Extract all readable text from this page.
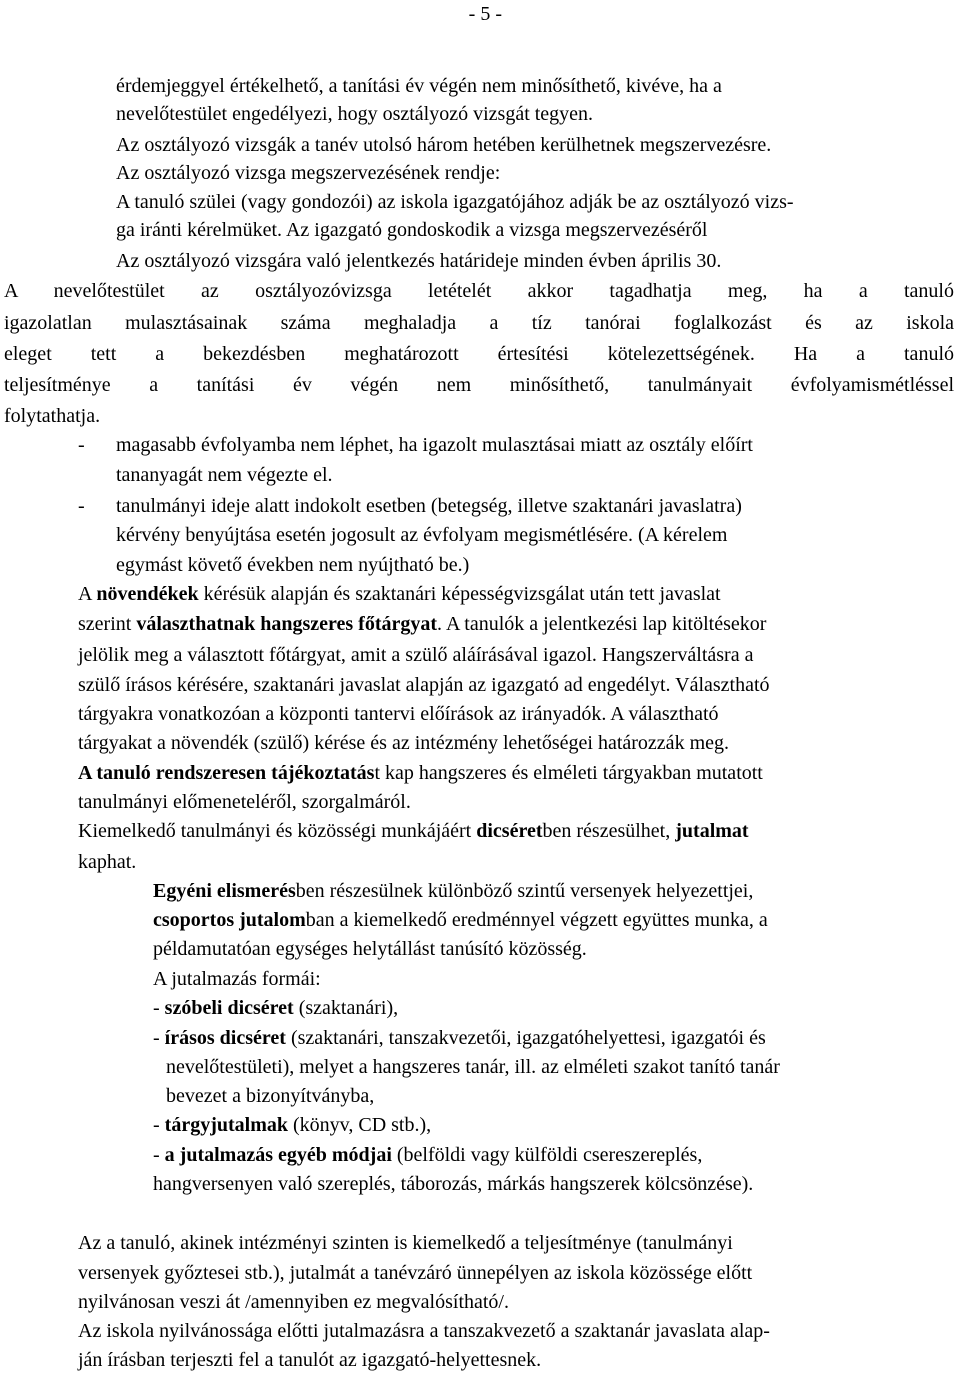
- 5 -
érdemjeggyel értékelhető, a tanítási év végén nem minősíthető, kivéve, ha a
nevelőtestület engedélyezi, hogy osztályozó vizsgát tegyen.
Az osztályozó vizsgák a tanév utolsó három hetében kerülhetnek megszervezésre.
Az osztályozó vizsga megszervezésének rendje:
A tanuló szülei (vagy gondozói) az iskola igazgatójához adják be az osztályozó vizs-
ga iránti kérelmüket. Az igazgató gondoskodik a vizsga megszervezéséről
Az osztályozó vizsgára való jelentkezés határideje minden évben április 30.
A nevelőtestület az osztályozóvizsga letételét akkor tagadhatja meg, ha a tanuló
igazolatlan mulasztásainak száma meghaladja a tíz tanórai foglalkozást és az iskola
eleget tett a bekezdésben meghatározott értesítési kötelezettségének. Ha a tanuló
teljesítménye a tanítási év végén nem minősíthető, tanulmányait évfolyamismétléssel
folytathatja.
- magasabb évfolyamba nem léphet, ha igazolt mulasztásai miatt az osztály előírt
tananyagát nem végezte el.
- tanulmányi ideje alatt indokolt esetben (betegség, illetve szaktanári javaslatra)
kérvény benyújtása esetén jogosult az évfolyam megismétlésére. (A kérelem
egymást követő években nem nyújtható be.)
A növendékek kérésük alapján és szaktanári képességvizsgálat után tett javaslat
szerint választhatnak hangszeres főtárgyat. A tanulók a jelentkezési lap kitöltésekor
jelölik meg a választott főtárgyat, amit a szülő aláírásával igazol. Hangszerváltásra a
szülő írásos kérésére, szaktanári javaslat alapján az igazgató ad engedélyt. Választható
tárgyakra vonatkozóan a központi tantervi előírások az irányadók. A választható
tárgyakat a növendék (szülő) kérése és az intézmény lehetőségei határozzák meg.
A tanuló rendszeresen tájékoztatást kap hangszeres és elméleti tárgyakban mutatott
tanulmányi előmeneteléről, szorgalmáról.
Kiemelkedő tanulmányi és közösségi munkájáért dicséretben részesülhet, jutalmat
kaphat.
Egyéni elismerésben részesülnek különböző szintű versenyek helyezettjei,
csoportos jutalomban a kiemelkedő eredménnyel végzett együttes munka, a
példamutatóan egységes helytállást tanúsító közösség.
A jutalmazás formái:
- szóbeli dicséret (szaktanári),
- írásos dicséret (szaktanári, tanszakvezetői, igazgatóhelyettesi, igazgatói és
nevelőtestületi), melyet a hangszeres tanár, ill. az elméleti szakot tanító tanár
bevezet a bizonyítványba,
- tárgyjutalmak (könyv, CD stb.),
- a jutalmazás egyéb módjai (belföldi vagy külföldi csereszereplés,
hangversenyen való szereplés, táborozás, márkás hangszerek kölcsönzése).
Az a tanuló, akinek intézményi szinten is kiemelkedő a teljesítménye (tanulmányi
versenyek győztesei stb.), jutalmát a tanévzáró ünnepélyen az iskola közössége előtt
nyilvánosan veszi át /amennyiben ez megvalósítható/.
Az iskola nyilvánossága előtti jutalmazásra a tanszakvezető a szaktanár javaslata alap-
ján írásban terjeszti fel a tanulót az igazgató-helyettesnek.
